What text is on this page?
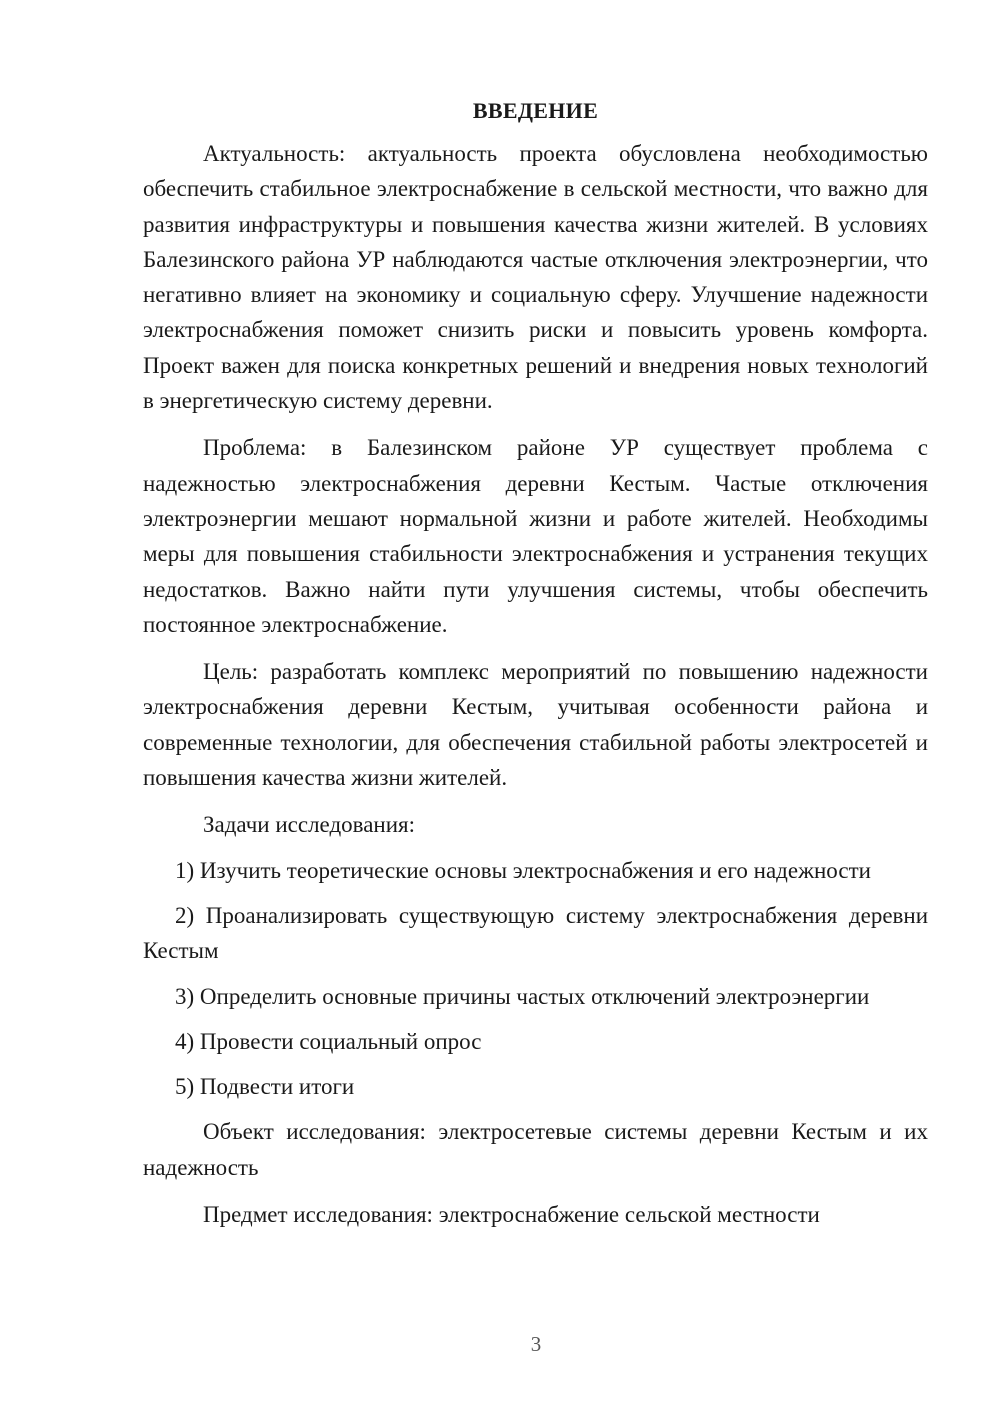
ВВЕДЕНИЕ

Актуальность: актуальность проекта обусловлена необходимостью обеспечить стабильное электроснабжение в сельской местности, что важно для развития инфраструктуры и повышения качества жизни жителей. В условиях Балезинского района УР наблюдаются частые отключения электроэнергии, что негативно влияет на экономику и социальную сферу. Улучшение надежности электроснабжения поможет снизить риски и повысить уровень комфорта. Проект важен для поиска конкретных решений и внедрения новых технологий в энергетическую систему деревни.

Проблема: в Балезинском районе УР существует проблема с надежностью электроснабжения деревни Кестым. Частые отключения электроэнергии мешают нормальной жизни и работе жителей. Необходимы меры для повышения стабильности электроснабжения и устранения текущих недостатков. Важно найти пути улучшения системы, чтобы обеспечить постоянное электроснабжение.

Цель: разработать комплекс мероприятий по повышению надежности электроснабжения деревни Кестым, учитывая особенности района и современные технологии, для обеспечения стабильной работы электросетей и повышения качества жизни жителей.

Задачи исследования:

1) Изучить теоретические основы электроснабжения и его надежности

2) Проанализировать существующую систему электроснабжения деревни Кестым

3) Определить основные причины частых отключений электроэнергии

4) Провести социальный опрос

5) Подвести итоги

Объект исследования: электросетевые системы деревни Кестым и их надежность

Предмет исследования: электроснабжение сельской местности

3
